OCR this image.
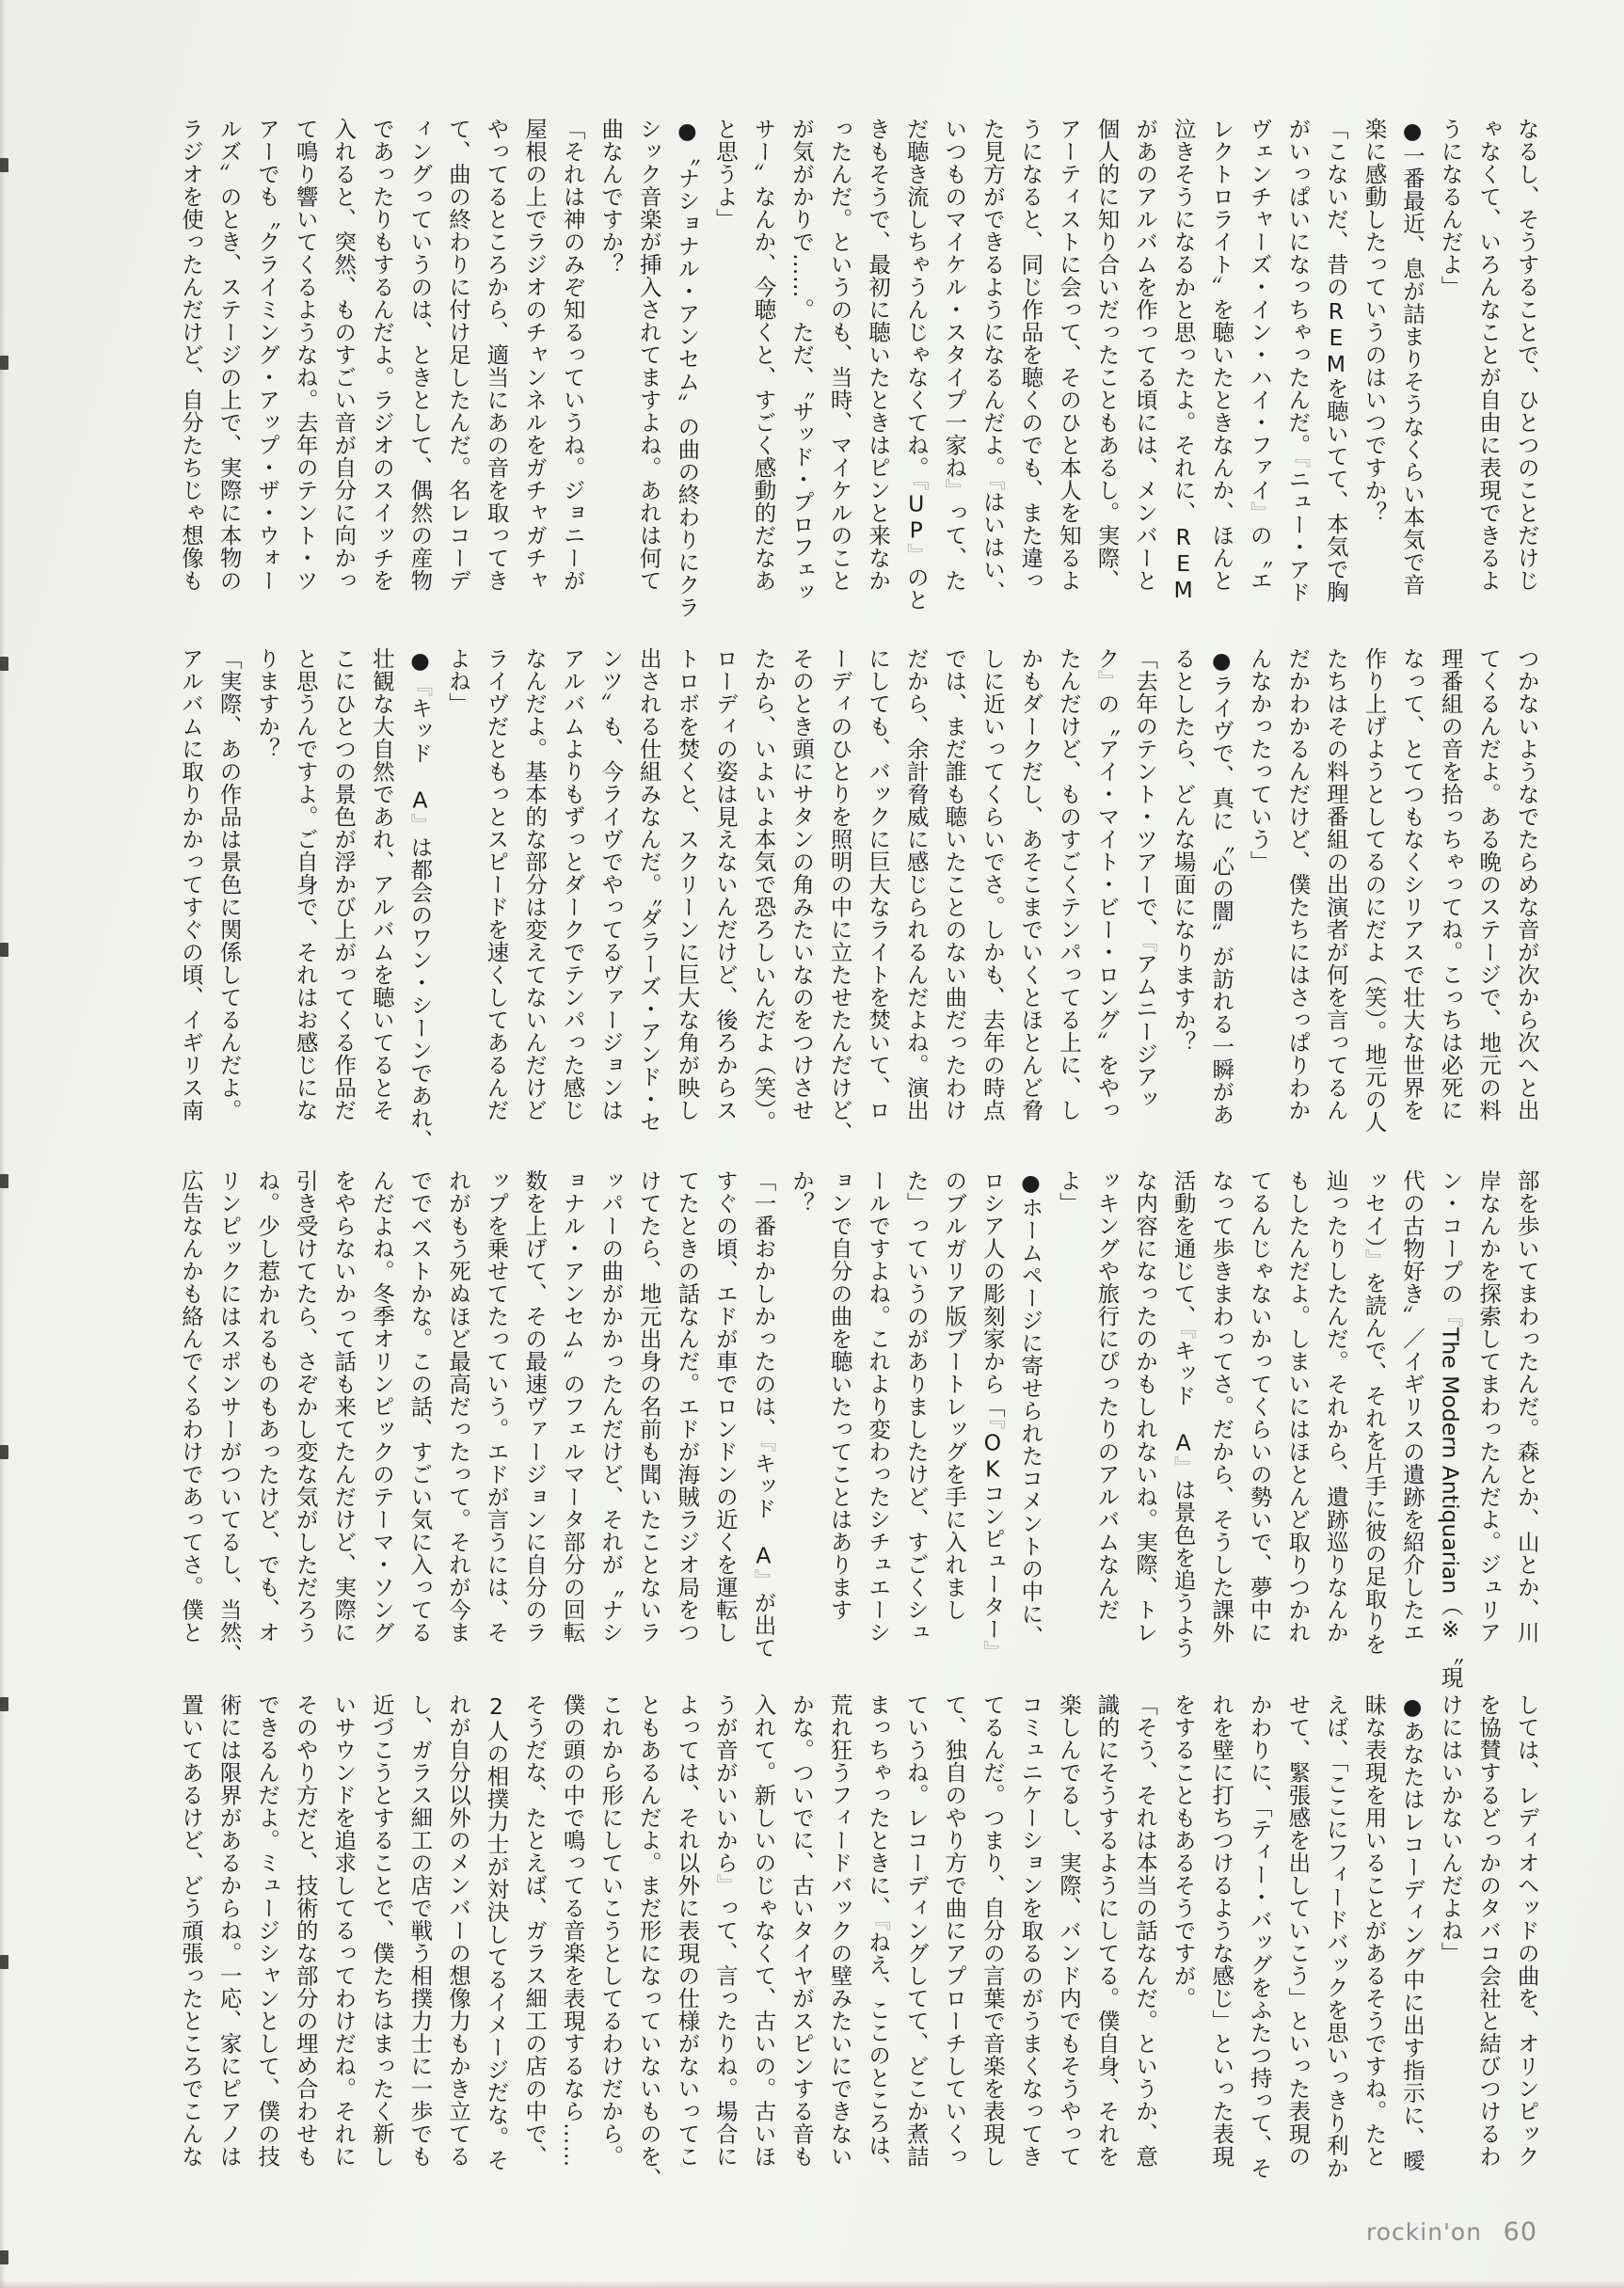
なるし、そうすることで、ひとつのことだけじ
ゃなくて、いろんなことが自由に表現できるよ
うになるんだよ」
●一番最近、息が詰まりそうなくらい本気で音
楽に感動したっていうのはいつですか？
「こないだ、昔のREMを聴いてて、本気で胸
がいっぱいになっちゃったんだ。『ニュー・アド
ヴェンチャーズ・イン・ハイ・ファイ』の〝エ
レクトロライト〟を聴いたときなんか、ほんと
泣きそうになるかと思ったよ。それに、REM
があのアルバムを作ってる頃には、メンバーと
個人的に知り合いだったこともあるし。実際、
アーティストに会って、そのひと本人を知るよ
うになると、同じ作品を聴くのでも、また違っ
た見方ができるようになるんだよ。『はいはい、
いつものマイケル・スタイプ一家ね』って、た
だ聴き流しちゃうんじゃなくてね。『UP』のと
きもそうで、最初に聴いたときはピンと来なか
ったんだ。というのも、当時、マイケルのこと
が気がかりで……。ただ、〝サッド・プロフェッ
サー〟なんか、今聴くと、すごく感動的だなあ
と思うよ」
●〝ナショナル・アンセム〟の曲の終わりにクラ
シック音楽が挿入されてますよね。あれは何て
曲なんですか？
「それは神のみぞ知るっていうね。ジョニーが
屋根の上でラジオのチャンネルをガチャガチャ
やってるところから、適当にあの音を取ってき
て、曲の終わりに付け足したんだ。名レコーデ
ィングっていうのは、ときとして、偶然の産物
であったりもするんだよ。ラジオのスイッチを
入れると、突然、ものすごい音が自分に向かっ
て鳴り響いてくるようなね。去年のテント・ツ
アーでも〝クライミング・アップ・ザ・ウォー
ルズ〟のとき、ステージの上で、実際に本物の
ラジオを使ったんだけど、自分たちじゃ想像も
つかないようなでたらめな音が次から次へと出
てくるんだよ。ある晩のステージで、地元の料
理番組の音を拾っちゃってね。こっちは必死に
なって、とてつもなくシリアスで壮大な世界を
作り上げようとしてるのにだよ（笑）。地元の人
たちはその料理番組の出演者が何を言ってるん
だかわかるんだけど、僕たちにはさっぱりわか
んなかったっていう」
●ライヴで、真に〝心の闇〟が訪れる一瞬があ
るとしたら、どんな場面になりますか？
「去年のテント・ツアーで、『アムニージアッ
ク』の〝アイ・マイト・ビー・ロング〟をやっ
たんだけど、ものすごくテンパってる上に、し
かもダークだし、あそこまでいくとほとんど脅
しに近いってくらいでさ。しかも、去年の時点
では、まだ誰も聴いたことのない曲だったわけ
だから、余計脅威に感じられるんだよね。演出
にしても、バックに巨大なライトを焚いて、ロ
ーディのひとりを照明の中に立たせたんだけど、
そのとき頭にサタンの角みたいなのをつけさせ
たから、いよいよ本気で恐ろしいんだよ（笑）。
ローディの姿は見えないんだけど、後ろからス
トロボを焚くと、スクリーンに巨大な角が映し
出される仕組みなんだ。〝ダラーズ・アンド・セ
ンツ〟も、今ライヴでやってるヴァージョンは
アルバムよりもずっとダークでテンパった感じ
なんだよ。基本的な部分は変えてないんだけど
ライヴだともっとスピードを速くしてあるんだ
よね」
●『キッド　A』は都会のワン・シーンであれ、
壮観な大自然であれ、アルバムを聴いてるとそ
こにひとつの景色が浮かび上がってくる作品だ
と思うんですよ。ご自身で、それはお感じにな
りますか？
「実際、あの作品は景色に関係してるんだよ。
アルバムに取りかかってすぐの頃、イギリス南
部を歩いてまわったんだ。森とか、山とか、川
岸なんかを探索してまわったんだよ。ジュリア
ン・コープの『The Modern Antiquarian（※〝現
代の古物好き〟／イギリスの遺跡を紹介したエ
ッセイ）』を読んで、それを片手に彼の足取りを
辿ったりしたんだ。それから、遺跡巡りなんか
もしたんだよ。しまいにはほとんど取りつかれ
てるんじゃないかってくらいの勢いで、夢中に
なって歩きまわってさ。だから、そうした課外
活動を通じて、『キッド　A』は景色を追うよう
な内容になったのかもしれないね。実際、トレ
ッキングや旅行にぴったりのアルバムなんだ
よ」
●ホームページに寄せられたコメントの中に、
ロシア人の彫刻家から「『OKコンピューター』
のブルガリア版ブートレッグを手に入れまし
た」っていうのがありましたけど、すごくシュ
ールですよね。これより変わったシチュエーシ
ョンで自分の曲を聴いたってことはあります
か？
「一番おかしかったのは、『キッド　A』が出て
すぐの頃、エドが車でロンドンの近くを運転し
てたときの話なんだ。エドが海賊ラジオ局をつ
けてたら、地元出身の名前も聞いたことないラ
ッパーの曲がかかったんだけど、それが〝ナシ
ョナル・アンセム〟のフェルマータ部分の回転
数を上げて、その最速ヴァージョンに自分のラ
ップを乗せてたっていう。エドが言うには、そ
れがもう死ぬほど最高だったって。それが今ま
ででベストかな。この話、すごい気に入ってる
んだよね。冬季オリンピックのテーマ・ソング
をやらないかって話も来てたんだけど、実際に
引き受けてたら、さぞかし変な気がしただろう
ね。少し惹かれるものもあったけど、でも、オ
リンピックにはスポンサーがついてるし、当然、
広告なんかも絡んでくるわけであってさ。僕と
しては、レディオヘッドの曲を、オリンピック
を協賛するどっかのタバコ会社と結びつけるわ
けにはいかないんだよね」
●あなたはレコーディング中に出す指示に、曖
昧な表現を用いることがあるそうですね。たと
えば、「ここにフィードバックを思いっきり利か
せて、緊張感を出していこう」といった表現の
かわりに、「ティー・バッグをふたつ持って、そ
れを壁に打ちつけるような感じ」といった表現
をすることもあるそうですが。
「そう、それは本当の話なんだ。というか、意
識的にそうするようにしてる。僕自身、それを
楽しんでるし、実際、バンド内でもそうやって
コミュニケーションを取るのがうまくなってき
てるんだ。つまり、自分の言葉で音楽を表現し
て、独自のやり方で曲にアプローチしていくっ
ていうね。レコーディングしてて、どこか煮詰
まっちゃったときに、『ねえ、ここのところは、
荒れ狂うフィードバックの壁みたいにできない
かな。ついでに、古いタイヤがスピンする音も
入れて。新しいのじゃなくて、古いの。古いほ
うが音がいいから』って、言ったりね。場合に
よっては、それ以外に表現の仕様がないってこ
ともあるんだよ。まだ形になっていないものを、
これから形にしていこうとしてるわけだから。
僕の頭の中で鳴ってる音楽を表現するなら……
そうだな、たとえば、ガラス細工の店の中で、
2人の相撲力士が対決してるイメージだな。そ
れが自分以外のメンバーの想像力もかき立てる
し、ガラス細工の店で戦う相撲力士に一歩でも
近づこうとすることで、僕たちはまったく新し
いサウンドを追求してるってわけだね。それに
そのやり方だと、技術的な部分の埋め合わせも
できるんだよ。ミュージシャンとして、僕の技
術には限界があるからね。一応、家にピアノは
置いてあるけど、どう頑張ったところでこんな
rockin'on 60
